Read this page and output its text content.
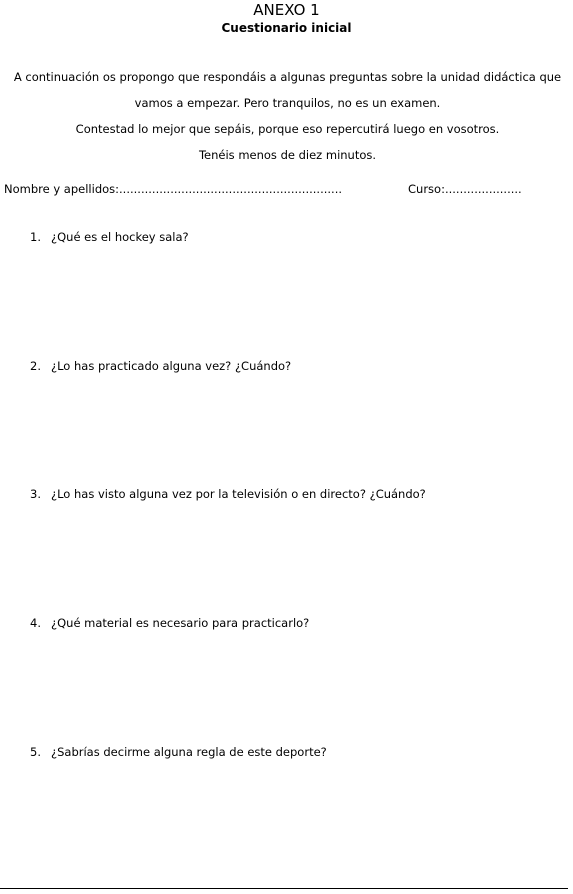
ANEXO 1
Cuestionario inicial
A continuación os propongo que respondáis a algunas preguntas sobre la unidad didáctica que
vamos a empezar. Pero tranquilos, no es un examen.
Contestad lo mejor que sepáis, porque eso repercutirá luego en vosotros.
Tenéis menos de diez minutos.
Nombre y apellidos:.............................................................	Curso:.....................
1. ¿Qué es el hockey sala?
2. ¿Lo has practicado alguna vez? ¿Cuándo?
3. ¿Lo has visto alguna vez por la televisión o en directo? ¿Cuándo?
4. ¿Qué material es necesario para practicarlo?
5. ¿Sabrías decirme alguna regla de este deporte?
